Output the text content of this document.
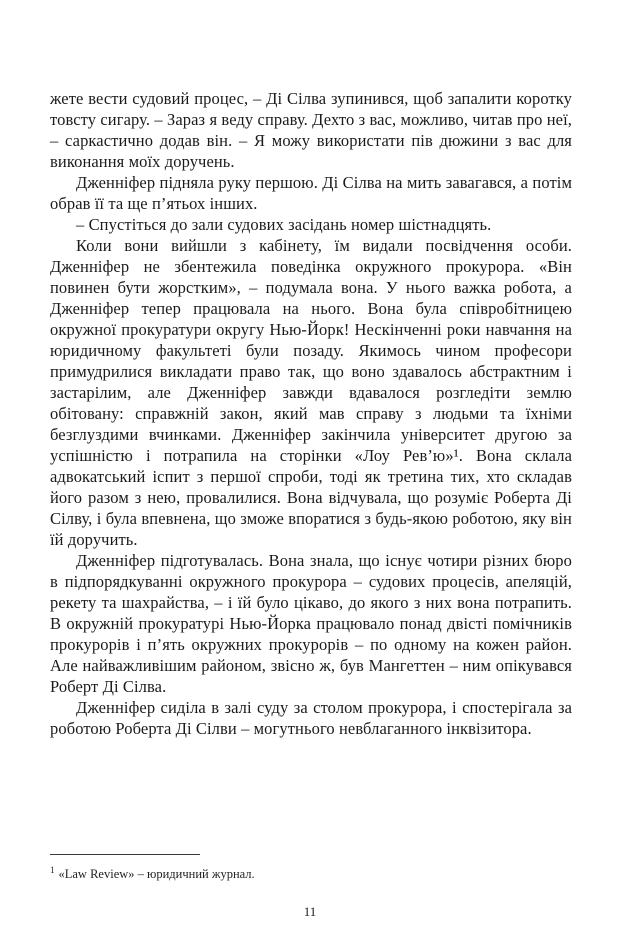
жете вести судовий процес, – Ді Сілва зупинився, щоб запалити коротку товсту сигару. – Зараз я веду справу. Дехто з вас, можливо, читав про неї, – саркастично додав він. – Я можу використати пів дюжини з вас для виконання моїх доручень.

Дженніфер підняла руку першою. Ді Сілва на мить завагався, а потім обрав її та ще п’ятьох інших.

– Спустіться до зали судових засідань номер шістнадцять.

Коли вони вийшли з кабінету, їм видали посвідчення особи. Дженніфер не збентежила поведінка окружного прокурора. «Він повинен бути жорстким», – подумала вона. У нього важка робота, а Дженніфер тепер працювала на нього. Вона була співробітницею окружної прокуратури округу Нью-Йорк! Нескінченні роки навчання на юридичному факультеті були позаду. Якимось чином професори примудрилися викладати право так, що воно здавалось абстрактним і застарілим, але Дженніфер завжди вдавалося розгледіти землю обітовану: справжній закон, який мав справу з людьми та їхніми безглуздими вчинками. Дженніфер закінчила університет другою за успішністю і потрапила на сторінки «Лоу Рев’ю»¹. Вона склала адвокатський іспит з першої спроби, тоді як третина тих, хто складав його разом з нею, провалилися. Вона відчувала, що розуміє Роберта Ді Сілву, і була впевнена, що зможе впоратися з будь-якою роботою, яку він їй доручить.

Дженніфер підготувалась. Вона знала, що існує чотири різних бюро в підпорядкуванні окружного прокурора – судових процесів, апеляцій, рекету та шахрайства, – і їй було цікаво, до якого з них вона потрапить. В окружній прокуратурі Нью-Йорка працювало понад двісті помічників прокурорів і п’ять окружних прокурорів – по одному на кожен район. Але найважливішим районом, звісно ж, був Мангеттен – ним опікувався Роберт Ді Сілва.

Дженніфер сиділа в залі суду за столом прокурора, і спостерігала за роботою Роберта Ді Сілви – могутнього невблаганного інквізитора.

$^1$ «Law Review» – юридичний журнал.
11
